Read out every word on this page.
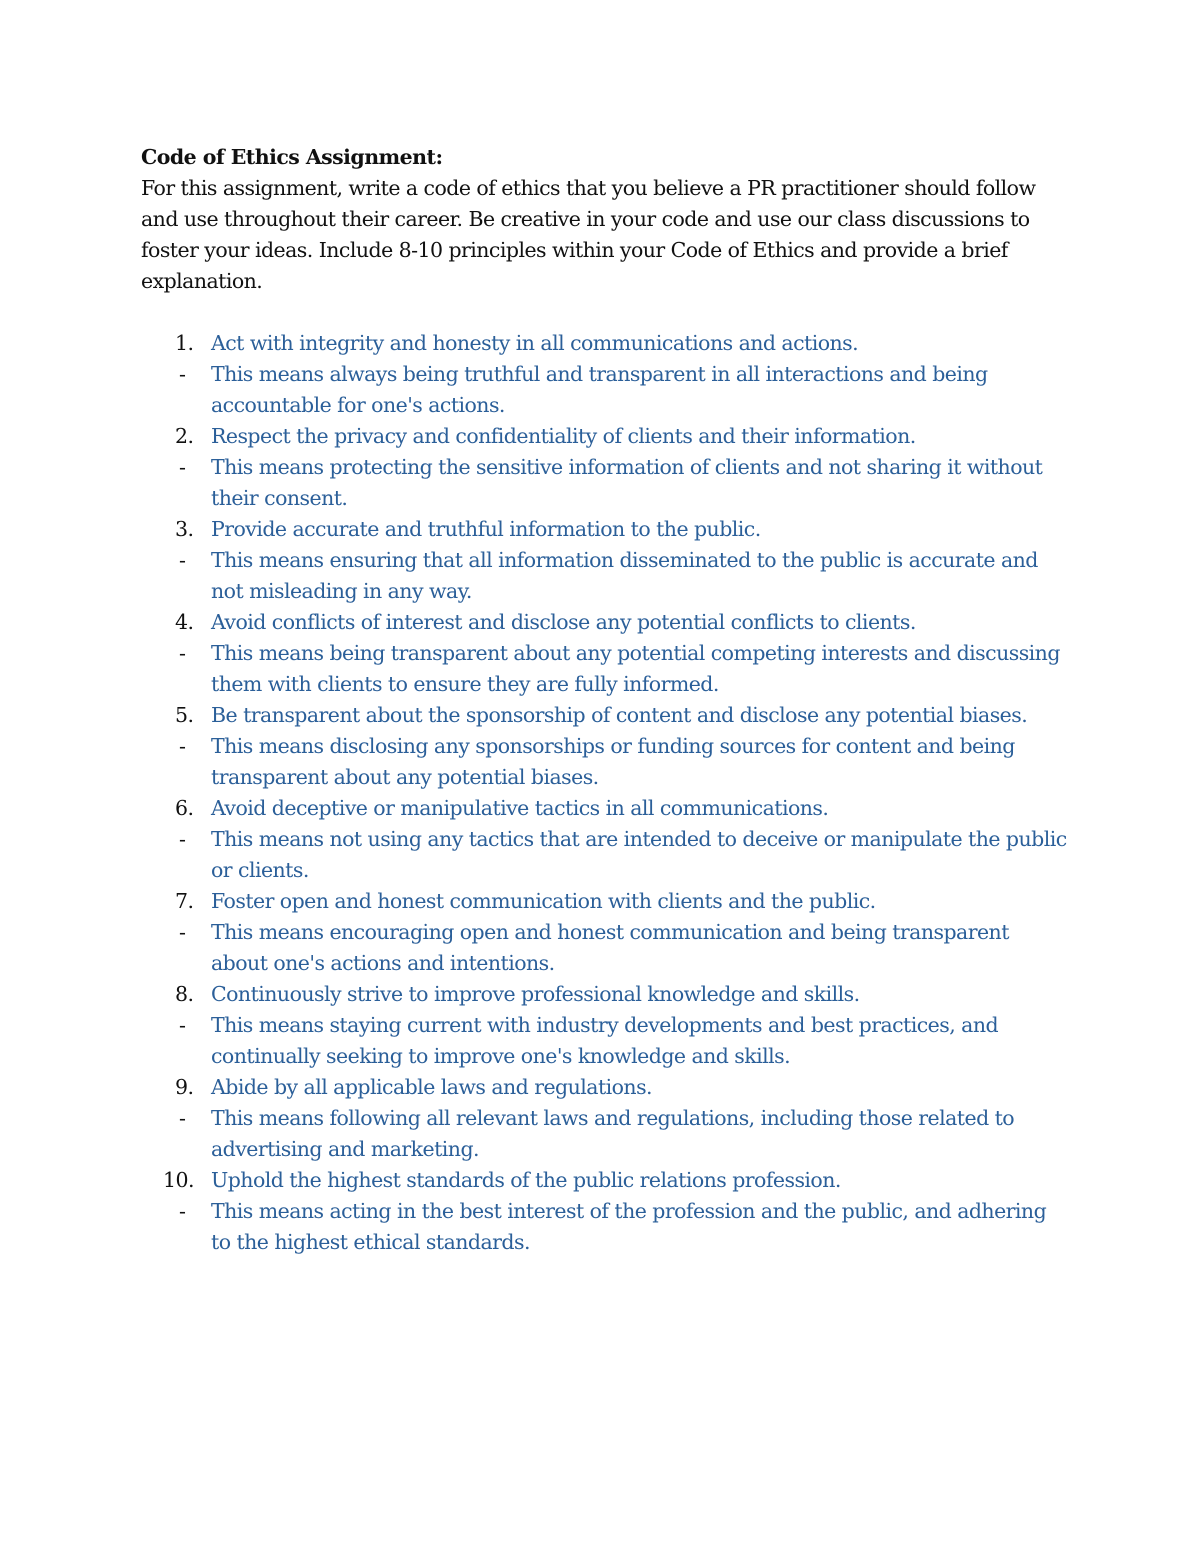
Code of Ethics Assignment:
For this assignment, write a code of ethics that you believe a PR practitioner should follow and use throughout their career. Be creative in your code and use our class discussions to foster your ideas. Include 8-10 principles within your Code of Ethics and provide a brief explanation.
1. Act with integrity and honesty in all communications and actions.
-	This means always being truthful and transparent in all interactions and being accountable for one's actions.
2. Respect the privacy and confidentiality of clients and their information.
-	This means protecting the sensitive information of clients and not sharing it without their consent.
3. Provide accurate and truthful information to the public.
-	This means ensuring that all information disseminated to the public is accurate and not misleading in any way.
4. Avoid conflicts of interest and disclose any potential conflicts to clients.
-	This means being transparent about any potential competing interests and discussing them with clients to ensure they are fully informed.
5. Be transparent about the sponsorship of content and disclose any potential biases.
-	This means disclosing any sponsorships or funding sources for content and being transparent about any potential biases.
6. Avoid deceptive or manipulative tactics in all communications.
-	This means not using any tactics that are intended to deceive or manipulate the public or clients.
7. Foster open and honest communication with clients and the public.
-	This means encouraging open and honest communication and being transparent about one's actions and intentions.
8. Continuously strive to improve professional knowledge and skills.
-	This means staying current with industry developments and best practices, and continually seeking to improve one's knowledge and skills.
9. Abide by all applicable laws and regulations.
-	This means following all relevant laws and regulations, including those related to advertising and marketing.
10. Uphold the highest standards of the public relations profession.
-	This means acting in the best interest of the profession and the public, and adhering to the highest ethical standards.
